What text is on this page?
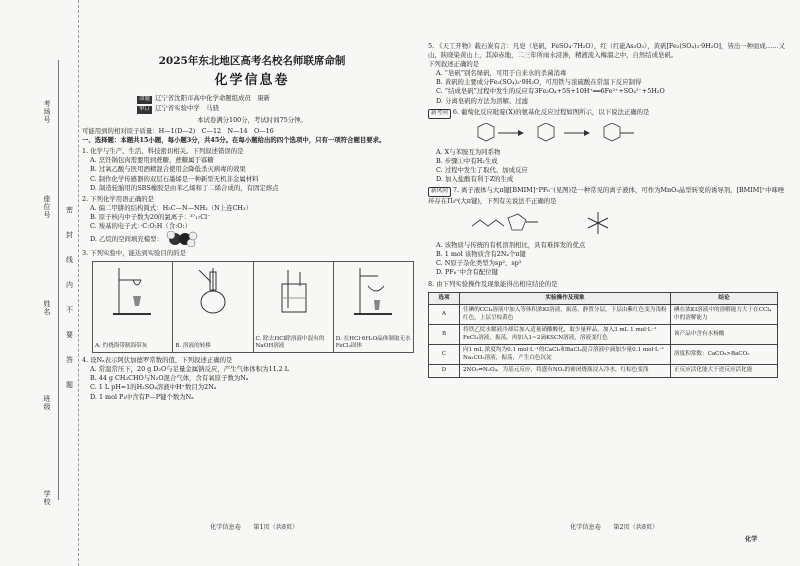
考场号
座位号
姓名
班级
学校
密
封
线
内
不
要
答
题
2025年东北地区高考名校名师联席命制
化学信息卷
命题 辽宁省沈阳市高中化学命题组成员　康新
审订 辽宁省实验中学　马骁
本试卷满分100分，考试时间75分钟。
可能用到的相对原子质量：H—1(D—2)　C—12　N—14　O—16
一、选择题：本题共15小题，每小题3分，共45分。在每小题给出的四个选项中，只有一项符合题目要求。
1. 化学与生产、生活、科技密切相关。下列叙述错误的是
A. 烹饪锅包肉需要用到蔗糖，蔗糖属于寡糖
B. 过氧乙酸与医用酒精混合使用会降低杀灭病毒的效果
C. 制作化学传感器的双层石墨烯是一种新型无机非金属材料
D. 制造轮胎用的SBS橡胶是由苯乙烯和丁二烯合成的，有固定熔点
2. 下列化学用语正确的是
A. 偏二甲肼的结构简式：H₃C—N—NH₂（N上连CH₃）
B. 原子核内中子数为20的氯离子：³⁷₁₇Cl⁻
C. 羧基的电子式：·C:O:H（含:O:）
D. 乙烷的空间填充模型：
3. 下列实验中，能达到实验目的的是
A. 灼烧海带制海带灰	B. 溶液的转移
C. 除去HCl除溶液中混有的NaOH溶液
D. 在HCl·6H₂O晶体制取无水FeCl₃固体
4. 设Nₐ表示阿伏加德罗常数的值，下列叙述正确的是
A. 常温常压下，20 g D₂O与足量金属钠反应，产生气体体积为11.2 L
B. 44 g CH₃CHO与N₂O混合气体，含有氧原子数为Nₐ
C. 1 L pH=1的H₂SO₄溶液中H⁺数目为2Nₐ
D. 1 mol P₄中含有P—P键个数为Nₐ
化学信息卷　　第1页（共8页）
5. 《天工开物》载石炭有言：凡皂（皂矾，FeSO₄·7H₂O），红（红砒As₂O₃），黄矾[Fe₂(SO₄)₃·9H₂O]，皆出一种而成……又山，陕晓染黄山上，其淖赤地，二三年所雨水浸渗，精液流入梅溜之中，自然结成皂矾。
下列叙述正确的是
A. “皂矾”别名绿矾，可用于自来水的杀菌消毒
B. 黄矾的主要成分Fe₂(SO₄)₃·9H₂O，可用铁与浓硫酸在常温下反应制得
C. “结成皂矾”过程中发生的反应有3Fe₃O₄+5S+10H⁺══6Fe²⁺+SO₄²⁻+5H₂O
D. 分离皂矾的方法为溶解、过滤
新考向 6. 葡萄化反应吡啶(X)的氨基化反应过程如图所示，以下说法正确的是
A. X与苯胺互为同系物
B. 步骤①中有H₂生成
C. 过程中发生了取代、加成反应
D. 加入盐酸有利于Z的生成
新风向 7. 离子液体与大π键[BMIM]⁺PF₆⁻(见图)是一种常见的离子液体，可作为MnO₂晶型转变的诱导剂，[BMIM]⁺中咪唑环存在Π₅⁶(大π键)，下列有关说法不正确的是
A. 该物质与传统的有机溶剂相比，具有难挥发的优点
B. 1 mol 该物质含有2Nₐ个π键
C. N原子杂化类型为sp²、sp³
D. PF₆⁻中含有配位键
8. 由下列实验操作及现象能得出相应结论的是
选项	实验操作及现象	结论
A	往碘的CCl₄溶液中加入等体积浓KI溶液，振荡，静置分层，下层由紫红色变为浅粉红色，上层呈棕黄色	碘在浓KI溶液中的溶解能力大于在CCl₄中的溶解能力
B	将铁乙烷水解液冷却后加入适量硝酸酸化，取少量样品，加入3 mL 1 mol·L⁻¹ FeCl₃溶液，振荡，再加入1~2滴KSCN溶液，溶液变红色	该产品中含有水杨酸
C	向1 mL 浓度均为0.1 mol·L⁻¹的CaCl₂和BaCl₂混合溶液中滴加少量0.1 mol·L⁻¹ Na₂CO₃溶液，振荡，产生白色沉淀	溶度积常数：CaCO₃>BaCO₃
D	2NO₂⇌N₂O₄，为基元反应，将盛有NO₂的密闭烧瓶浸入冷水，红棕色变浅	正反应活化能大于逆反应活化能
化学信息卷　　第2页（共8页）
化学
